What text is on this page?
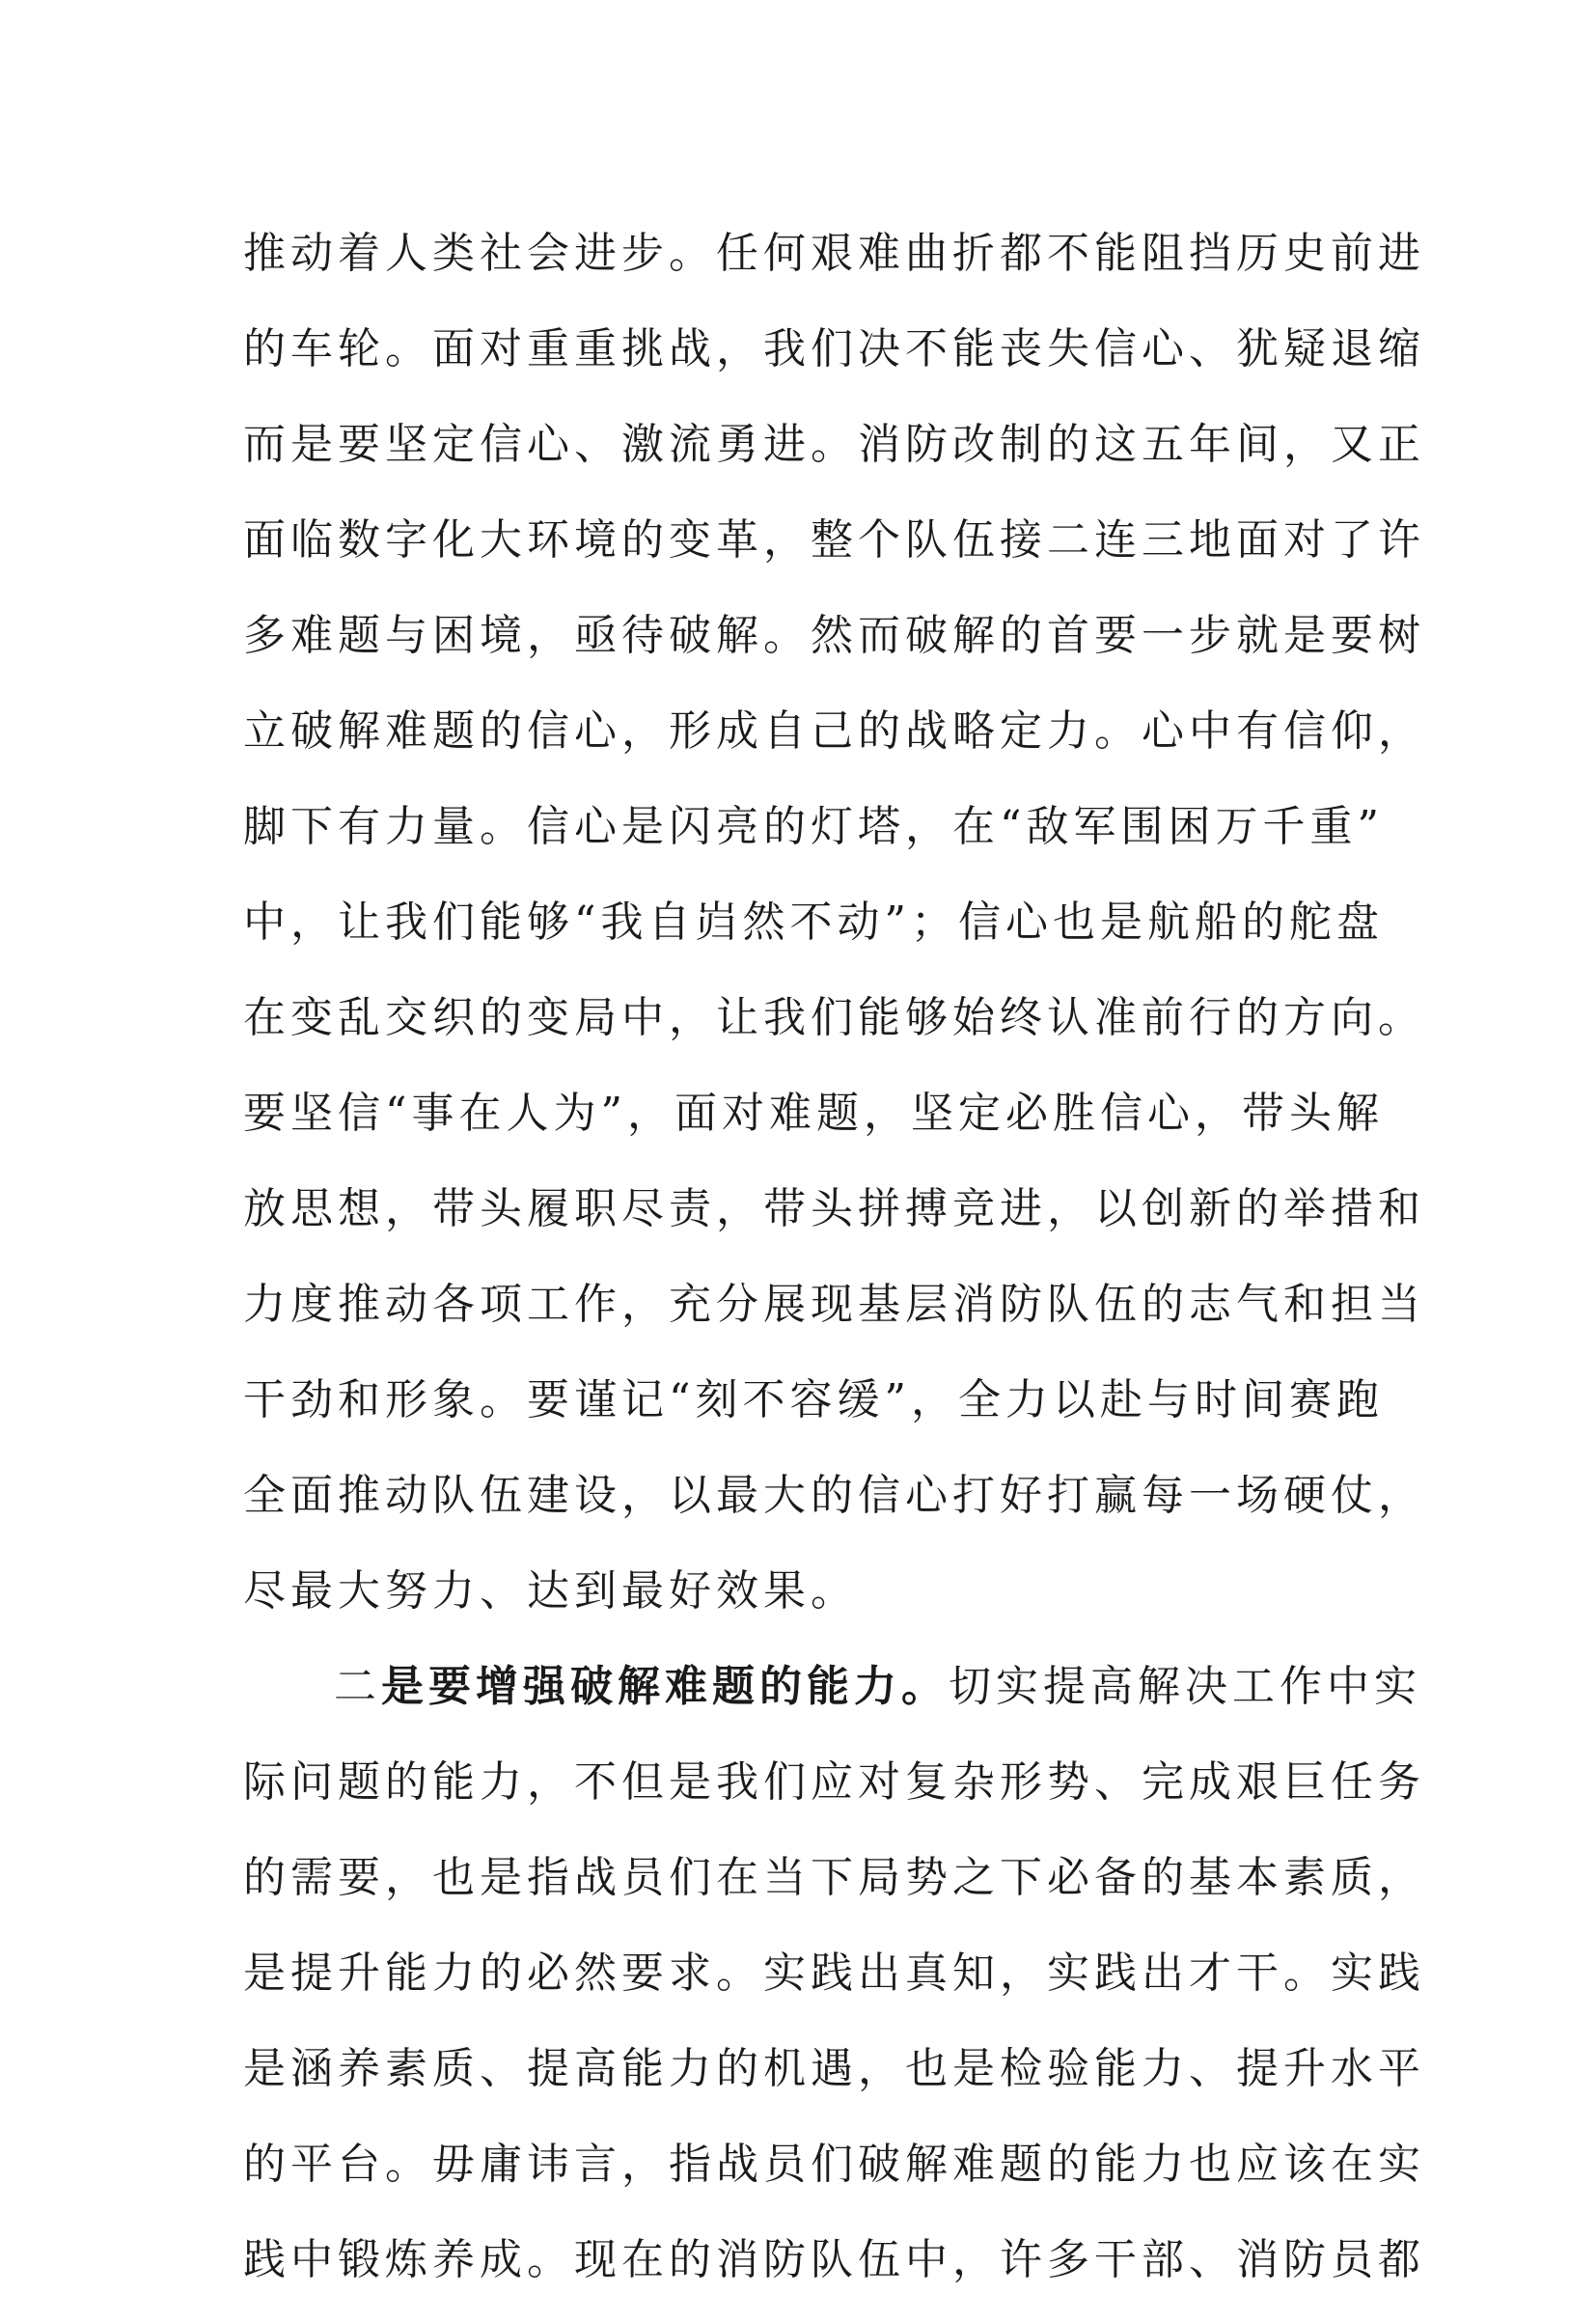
推动着人类社会进步。任何艰难曲折都不能阻挡历史前进
的车轮。面对重重挑战，我们决不能丧失信心、犹疑退缩
而是要坚定信心、激流勇进。消防改制的这五年间，又正
面临数字化大环境的变革，整个队伍接二连三地面对了许
多难题与困境，亟待破解。然而破解的首要一步就是要树
立破解难题的信心，形成自己的战略定力。心中有信仰，
脚下有力量。信心是闪亮的灯塔，在“敌军围困万千重”
中，让我们能够“我自岿然不动”；信心也是航船的舵盘
在变乱交织的变局中，让我们能够始终认准前行的方向。
要坚信“事在人为”，面对难题，坚定必胜信心，带头解
放思想，带头履职尽责，带头拼搏竞进，以创新的举措和
力度推动各项工作，充分展现基层消防队伍的志气和担当
干劲和形象。要谨记“刻不容缓”，全力以赴与时间赛跑
全面推动队伍建设，以最大的信心打好打赢每一场硬仗，
尽最大努力、达到最好效果。
二是要增强破解难题的能力。切实提高解决工作中实
际问题的能力，不但是我们应对复杂形势、完成艰巨任务
的需要，也是指战员们在当下局势之下必备的基本素质，
是提升能力的必然要求。实践出真知，实践出才干。实践
是涵养素质、提高能力的机遇，也是检验能力、提升水平
的平台。毋庸讳言，指战员们破解难题的能力也应该在实
践中锻炼养成。现在的消防队伍中，许多干部、消防员都
